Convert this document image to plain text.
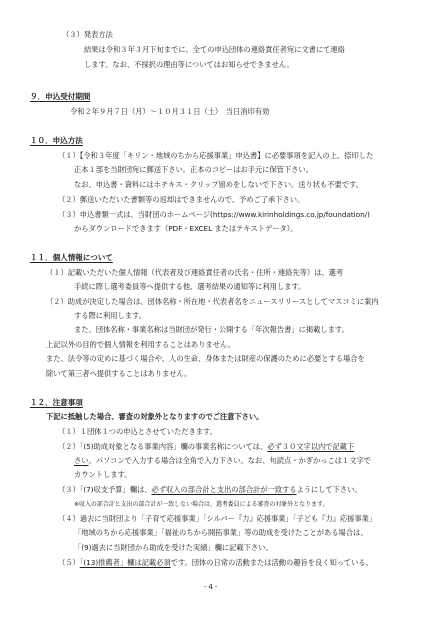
（３）発表方法
結果は令和３年３月下旬までに、全ての申込団体の連絡責任者宛に文書にて連絡
します。なお、不採択の理由等についてはお知らせできません。
９．申込受付期間
令和２年９月７日（月）～１０月３１日（土）　当日消印有効
１０．申込方法
（１）【令和３年度「キリン・地域のちから応援事業」申込書】に必要事項を記入の上、捺印した
正本１部を当財団宛に郵送下さい。正本のコピーはお手元に保管下さい。
なお、申込書・資料にはホチキス・クリップ留めをしないで下さい。送り状も不要です。
（２）郵送いただいた書類等の返却はできませんので、予めご了承下さい。
（３）申込書類一式は、当財団のホームページ(https://www.kirinholdings.co.jp/foundation/)
からダウンロードできます（PDF・EXCEL またはテキストデータ）。
１１．個人情報について
（１）記載いただいた個人情報（代表者及び連絡責任者の氏名・住所・連絡先等）は、選考
手続に際し選考委員等へ提供する他、選考結果の通知等に利用します。
（２）助成が決定した場合は、団体名称・所在地・代表者名をニュースリリースとしてマスコミに案内
する際に利用します。
また、団体名称・事業名称は当財団が発行・公開する「年次報告書」に掲載します。
上記以外の目的で個人情報を利用することはありません。
また、法令等の定めに基づく場合や、人の生命、身体または財産の保護のために必要とする場合を
除いて第三者へ提供することはありません。
１２．注意事項
下記に抵触した場合、審査の対象外となりますのでご注意下さい。
（１）１団体１つの申込とさせていただきます。
（２）「(5)助成対象となる事業内容」欄の事業名称については、必ず３０文字以内で記載下
さい。パソコンで入力する場合は全角で入力下さい。なお、句読点・かぎかっこは１文字で
カウントします。
（３）「(7)収支予算」欄は、必ず収入の部合計と支出の部合計が一致するようにして下さい。
※収入の部合計と支出の部合計が一致しない場合は、選考委員による審査の対象外となります。
（４）過去に当財団より「子育て応援事業」「シルバー『力』応援事業」「子ども『力』応援事業」
「地域のちから応援事業」「福祉のちから開拓事業」等の助成を受けたことがある場合は、
「(9)過去に当財団から助成を受けた実績」欄に記載下さい。
（５）「(13)推薦者」欄は記載必須です。団体の日常の活動または活動の趣旨を良く知っている、
- 4 -
